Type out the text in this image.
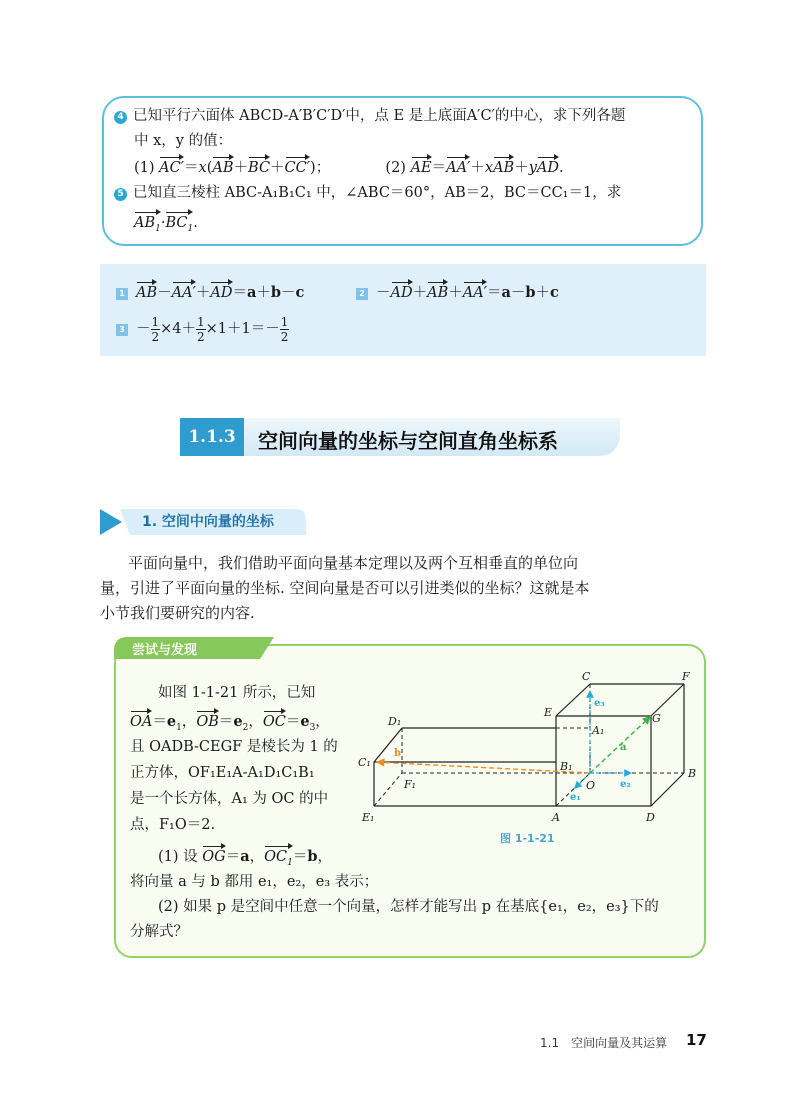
4 已知平行六面体 ABCD-A′B′C′D′中，点 E 是上底面A′C′的中心，求下列各题
中 x，y 的值：
(1) AC′＝x(AB＋BC＋CC′)；	(2) AE＝AA′＋xAB＋yAD.
5 已知直三棱柱 ABC-A₁B₁C₁ 中，∠ABC＝60°，AB＝2，BC＝CC₁＝1，求
$AB_1\cdot BC_1$.
1 AB－AA′＋AD＝a＋b－c	2 －AD＋AB＋AA′＝a－b＋c
$3 - \frac{1}{2} \times 4+ \frac{1}{2} \times 1+1=- \frac{1}{2}$
1.1.3	空间向量的坐标与空间直角坐标系
1. 空间中向量的坐标
平面向量中，我们借助平面向量基本定理以及两个互相垂直的单位向
量，引进了平面向量的坐标. 空间向量是否可以引进类似的坐标？这就是本
小节我们要研究的内容.
尝试与发现
如图 1-1-21 所示，已知
$OA=e_1$，$OB=e_2$，$OC=e_3$，
且 OADB-CEGF 是棱长为 1 的
正方体，OF₁E₁A-A₁D₁C₁B₁
是一个长方体，A₁ 为 OC 的中
点，F₁O＝2.
(1) 设 OG＝a，$OC_1=b$，
将向量 a 与 b 都用 e₁，e₂，e₃ 表示；
(2) 如果 p 是空间中任意一个向量，怎样才能写出 p 在基底{e₁，e₂，e₃}下的
分解式？
C	F
E	G
A₁
B
O
A	D
D₁
C₁	B₁
F₁
E₁
a
b
e₃
e₂
e₁
图 1-1-21
1.1　空间向量及其运算 17
